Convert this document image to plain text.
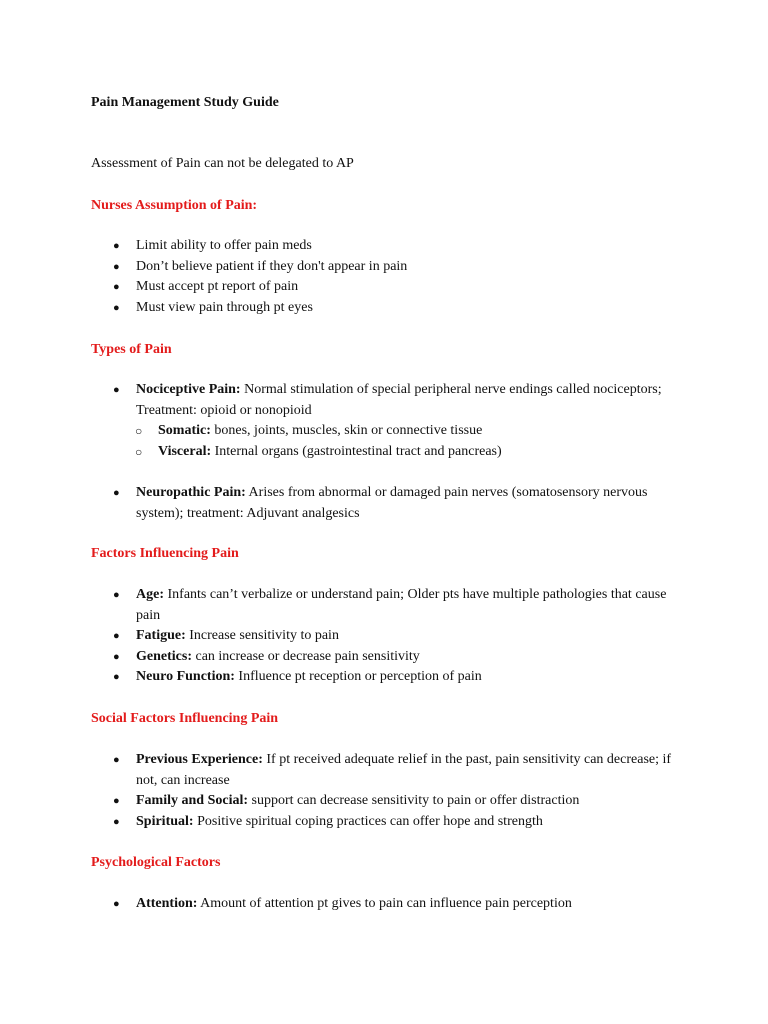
Pain Management Study Guide
Assessment of Pain can not be delegated to AP
Nurses Assumption of Pain:
● Limit ability to offer pain meds
● Don’t believe patient if they don't appear in pain
● Must accept pt report of pain
● Must view pain through pt eyes
Types of Pain
● Nociceptive Pain: Normal stimulation of special peripheral nerve endings called nociceptors; Treatment: opioid or nonopioid
○ Somatic: bones, joints, muscles, skin or connective tissue
○ Visceral: Internal organs (gastrointestinal tract and pancreas)
● Neuropathic Pain: Arises from abnormal or damaged pain nerves (somatosensory nervous system); treatment: Adjuvant analgesics
Factors Influencing Pain
● Age: Infants can’t verbalize or understand pain; Older pts have multiple pathologies that cause pain
● Fatigue: Increase sensitivity to pain
● Genetics: can increase or decrease pain sensitivity
● Neuro Function: Influence pt reception or perception of pain
Social Factors Influencing Pain
● Previous Experience: If pt received adequate relief in the past, pain sensitivity can decrease; if not, can increase
● Family and Social: support can decrease sensitivity to pain or offer distraction
● Spiritual: Positive spiritual coping practices can offer hope and strength
Psychological Factors
● Attention: Amount of attention pt gives to pain can influence pain perception
